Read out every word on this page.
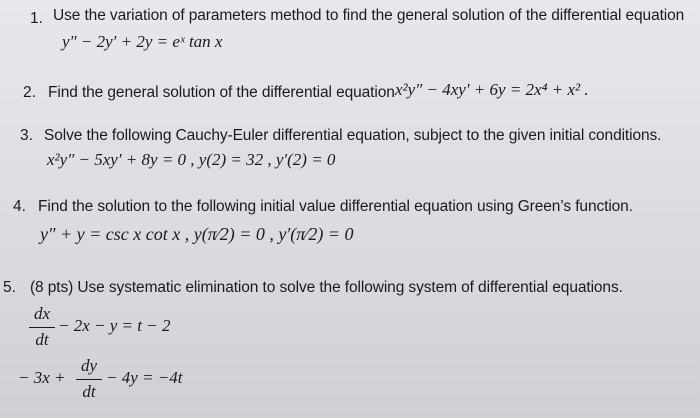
1. Use the variation of parameters method to find the general solution of the differential equation
y″ − 2y′ + 2y = eˣ tan x
2. Find the general solution of the differential equation x²y″ − 4xy′ + 6y = 2x⁴ + x² .
3. Solve the following Cauchy-Euler differential equation, subject to the given initial conditions.
x²y″ − 5xy′ + 8y = 0 , y(2) = 32 , y′(2) = 0
4. Find the solution to the following initial value differential equation using Green’s function.
y″ + y = csc x cot x , y(π⁄2) = 0 , y′(π⁄2) = 0
5. (8 pts) Use systematic elimination to solve the following system of differential equations.
dx
dt
− 2x − y = t − 2
− 3x +
dy
dt
− 4y = −4t
